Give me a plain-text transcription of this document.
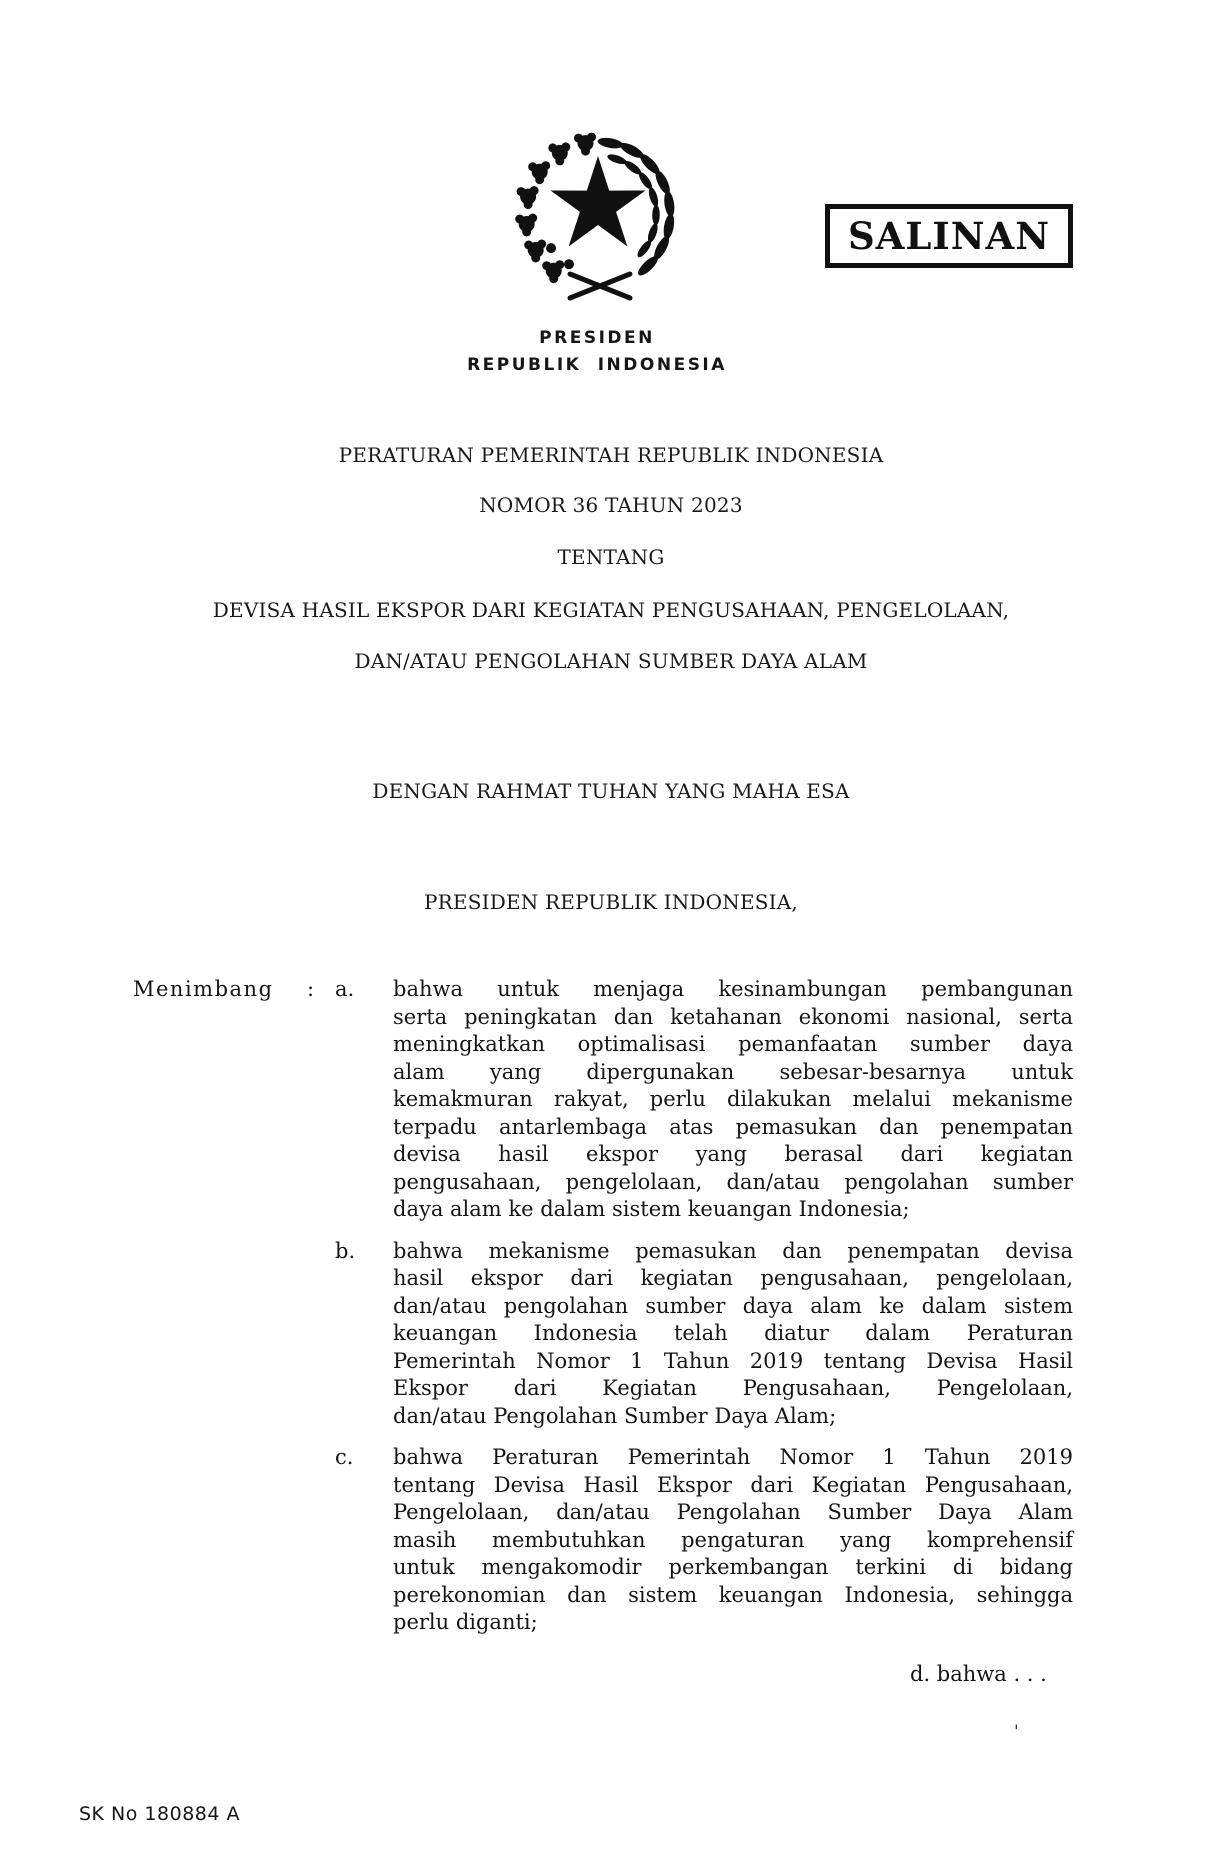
SALINAN
PRESIDEN
REPUBLIK INDONESIA
PERATURAN PEMERINTAH REPUBLIK INDONESIA
NOMOR 36 TAHUN 2023
TENTANG
DEVISA HASIL EKSPOR DARI KEGIATAN PENGUSAHAAN, PENGELOLAAN,
DAN/ATAU PENGOLAHAN SUMBER DAYA ALAM
DENGAN RAHMAT TUHAN YANG MAHA ESA
PRESIDEN REPUBLIK INDONESIA,
Menimbang	: a.	bahwa untuk menjaga kesinambungan pembangunan
serta peningkatan dan ketahanan ekonomi nasional, serta
meningkatkan optimalisasi pemanfaatan sumber daya
alam yang dipergunakan sebesar-besarnya untuk
kemakmuran rakyat, perlu dilakukan melalui mekanisme
terpadu antarlembaga atas pemasukan dan penempatan
devisa hasil ekspor yang berasal dari kegiatan
pengusahaan, pengelolaan, dan/atau pengolahan sumber
daya alam ke dalam sistem keuangan Indonesia;
b.	bahwa mekanisme pemasukan dan penempatan devisa
hasil ekspor dari kegiatan pengusahaan, pengelolaan,
dan/atau pengolahan sumber daya alam ke dalam sistem
keuangan Indonesia telah diatur dalam Peraturan
Pemerintah Nomor 1 Tahun 2019 tentang Devisa Hasil
Ekspor dari Kegiatan Pengusahaan, Pengelolaan,
dan/atau Pengolahan Sumber Daya Alam;
c.	bahwa Peraturan Pemerintah Nomor 1 Tahun 2019
tentang Devisa Hasil Ekspor dari Kegiatan Pengusahaan,
Pengelolaan, dan/atau Pengolahan Sumber Daya Alam
masih membutuhkan pengaturan yang komprehensif
untuk mengakomodir perkembangan terkini di bidang
perekonomian dan sistem keuangan Indonesia, sehingga
perlu diganti;
d. bahwa . . .
'
SK No 180884 A
